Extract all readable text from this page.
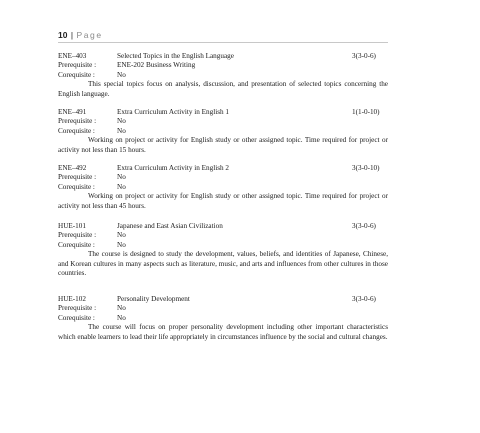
10 | Page
ENE–403	Selected Topics in the English Language	3(3-0-6)
Prerequisite :	ENE-202 Business Writing
Corequisite :	No

This special topics focus on analysis, discussion, and presentation of selected topics concerning the English language.

ENE–491	Extra Curriculum Activity in English 1	1(1-0-10)
Prerequisite :	No
Corequisite :	No

Working on project or activity for English study or other assigned topic. Time required for project or activity not less than 15 hours.

ENE–492	Extra Curriculum Activity in English 2	3(3-0-10)
Prerequisite :	No
Corequisite :	No

Working on project or activity for English study or other assigned topic. Time required for project or activity not less than 45 hours.

HUE-101	Japanese and East Asian Civilization	3(3-0-6)
Prerequisite :	No
Corequisite :	No

The course is designed to study the development, values, beliefs, and identities of Japanese, Chinese, and Korean cultures in many aspects such as literature, music, and arts and influences from other cultures in those countries.

HUE-102	Personality Development	3(3-0-6)
Prerequisite :	No
Corequisite :	No

The course will focus on proper personality development including other important characteristics which enable learners to lead their life appropriately in circumstances influence by the social and cultural changes.
